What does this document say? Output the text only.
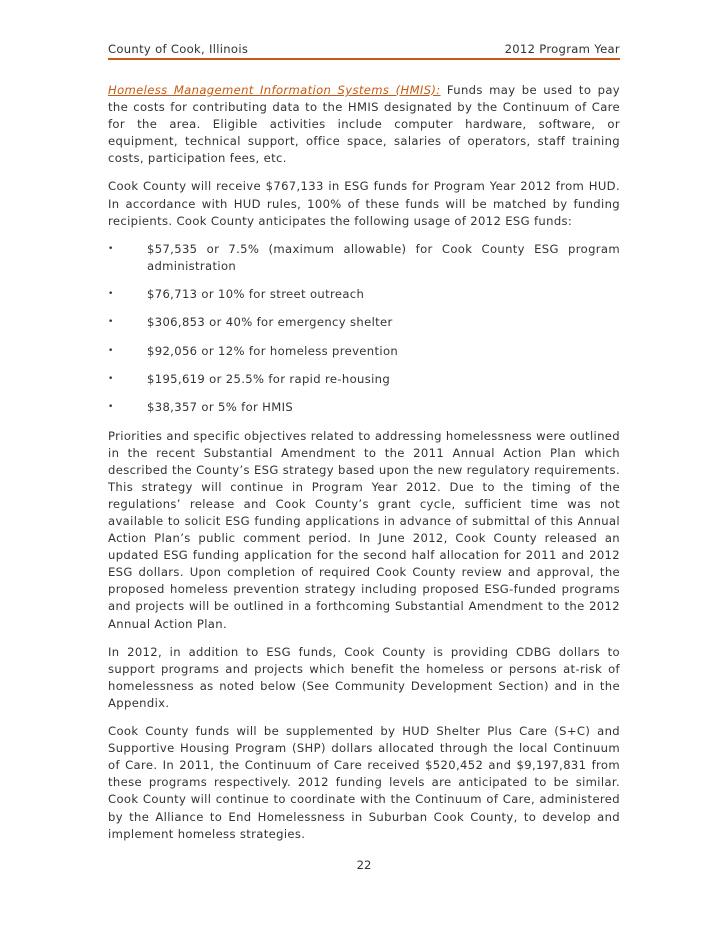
County of Cook, Illinois	2012 Program Year

Homeless Management Information Systems (HMIS): Funds may be used to pay the costs for contributing data to the HMIS designated by the Continuum of Care for the area. Eligible activities include computer hardware, software, or equipment, technical support, office space, salaries of operators, staff training costs, participation fees, etc.

Cook County will receive $767,133 in ESG funds for Program Year 2012 from HUD. In accordance with HUD rules, 100% of these funds will be matched by funding recipients. Cook County anticipates the following usage of 2012 ESG funds:

•	$57,535 or 7.5% (maximum allowable) for Cook County ESG program administration
•	$76,713 or 10% for street outreach
•	$306,853 or 40% for emergency shelter
•	$92,056 or 12% for homeless prevention
•	$195,619 or 25.5% for rapid re-housing
•	$38,357 or 5% for HMIS

Priorities and specific objectives related to addressing homelessness were outlined in the recent Substantial Amendment to the 2011 Annual Action Plan which described the County’s ESG strategy based upon the new regulatory requirements. This strategy will continue in Program Year 2012. Due to the timing of the regulations’ release and Cook County’s grant cycle, sufficient time was not available to solicit ESG funding applications in advance of submittal of this Annual Action Plan’s public comment period. In June 2012, Cook County released an updated ESG funding application for the second half allocation for 2011 and 2012 ESG dollars. Upon completion of required Cook County review and approval, the proposed homeless prevention strategy including proposed ESG-funded programs and projects will be outlined in a forthcoming Substantial Amendment to the 2012 Annual Action Plan.

In 2012, in addition to ESG funds, Cook County is providing CDBG dollars to support programs and projects which benefit the homeless or persons at-risk of homelessness as noted below (See Community Development Section) and in the Appendix.

Cook County funds will be supplemented by HUD Shelter Plus Care (S+C) and Supportive Housing Program (SHP) dollars allocated through the local Continuum of Care. In 2011, the Continuum of Care received $520,452 and $9,197,831 from these programs respectively. 2012 funding levels are anticipated to be similar. Cook County will continue to coordinate with the Continuum of Care, administered by the Alliance to End Homelessness in Suburban Cook County, to develop and implement homeless strategies.

22
